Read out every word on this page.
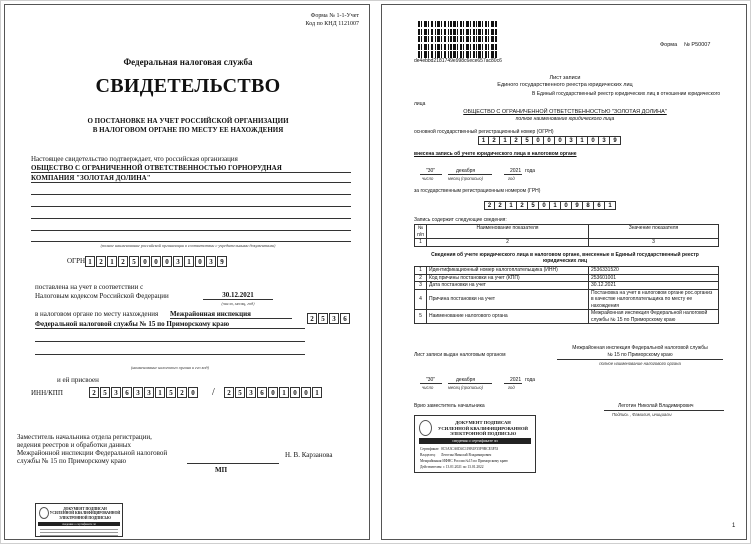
Форма № 1-1-Учет
Код по КНД 1121007
Федеральная налоговая служба
СВИДЕТЕЛЬСТВО
О ПОСТАНОВКЕ НА УЧЕТ РОССИЙСКОЙ ОРГАНИЗАЦИИ
В НАЛОГОВОМ ОРГАНЕ ПО МЕСТУ ЕЕ НАХОЖДЕНИЯ
Настоящее свидетельство подтверждает, что российская организация
ОБЩЕСТВО С ОГРАНИЧЕННОЙ ОТВЕТСТВЕННОСТЬЮ ГОРНОРУДНАЯ
КОМПАНИЯ "ЗОЛОТАЯ ДОЛИНА"
(полное наименование российской организации в соответствии с учредительными документами)
ОГРН 1	2	1	2	5	0	0	0	3	1	0	3	9
поставлена на учет в соответствии с
Налоговым кодексом Российской Федерации	30.12.2021
(число, месяц, год)
в налоговом органе по месту нахождения Межрайонная инспекция
Федеральной налоговой службы № 15 по Приморскому краю
2	5	3	6
(наименование налогового органа и его код)
и ей присвоен
ИНН/КПП	2	5	3	6	3	3	1	5	2	0	/	2	5	3	6	0	1	0	0	1
Заместитель начальника отдела регистрации,
ведения реестров и обработки данных
Межрайонной инспекции Федеральной налоговой
службы № 15 по Приморскому краю
Н. В. Карзанова
МП
ДОКУМЕНТ ПОДПИСАН
УСИЛЕННОЙ КВАЛИФИЦИРОВАННОЙ
ЭЛЕКТРОННОЙ ПОДПИСЬЮ
сведения о сертификате эп
de4ebbd2181749e998c6ece657ac80c6
Форма № Р50007
Лист записи
Единого государственного реестра юридических лиц
В Единый государственный реестр юридических лиц в отношении юридического
лица
ОБЩЕСТВО С ОГРАНИЧЕННОЙ ОТВЕТСТВЕННОСТЬЮ "ЗОЛОТАЯ ДОЛИНА"
полное наименование юридического лица
основной государственный регистрационный номер (ОГРН)
1	2	1	2	5	0	0	0	3	1	0	3	9
внесена запись об учете юридического лица в налоговом органе
"30"	декабря	2021 года
число	месяц (прописью)	год
за государственным регистрационным номером (ГРН)
2	2	1	2	5	0	1	0	9	8	6	1
Запись содержит следующие сведения:
№ п/п	Наименование показателя	Значение показателя
1	2	3
Сведения об учете юридического лица в налоговом органе, внесенные в Единый государственный реестр
юридических лиц
1	Идентификационный номер налогоплательщика (ИНН)	2536331520
2	Код причины постановки на учет (КПП)	253601001
3	Дата постановки на учет	30.12.2021
4	Причина постановки на учет	Постановка на учет в налоговом органе рос.организ в качестве налогоплательщика по месту ее нахождения
5	Наименование налогового органа	Межрайонная инспекция Федеральной налоговой службы № 15 по Приморскому краю
Лист записи выдан налоговым органом
Межрайонная инспекция Федеральной налоговой службы
№ 15 по Приморскому краю
полное наименование налогового органа
"30"	декабря	2021 года
число	месяц (прописью)	год
Врио заместитель начальника	Леготин Николай Владимирович
Подпись , Фамилия, инициалы
ДОКУМЕНТ ПОДПИСАН
УСИЛЕННОЙ КВАЛИФИЦИРОВАННОЙ
ЭЛЕКТРОННОЙ ПОДПИСЬЮ
сведения о сертификате эп
Сертификат: 0C5A3CA0D4C119B1F35F9BCE3F53
Владелец: Леготин Николай Владимирович
Межрайонная ИФНС России №15 по Приморскому краю
Действителен: с 13.01.2021 по 13.01.2022
1
